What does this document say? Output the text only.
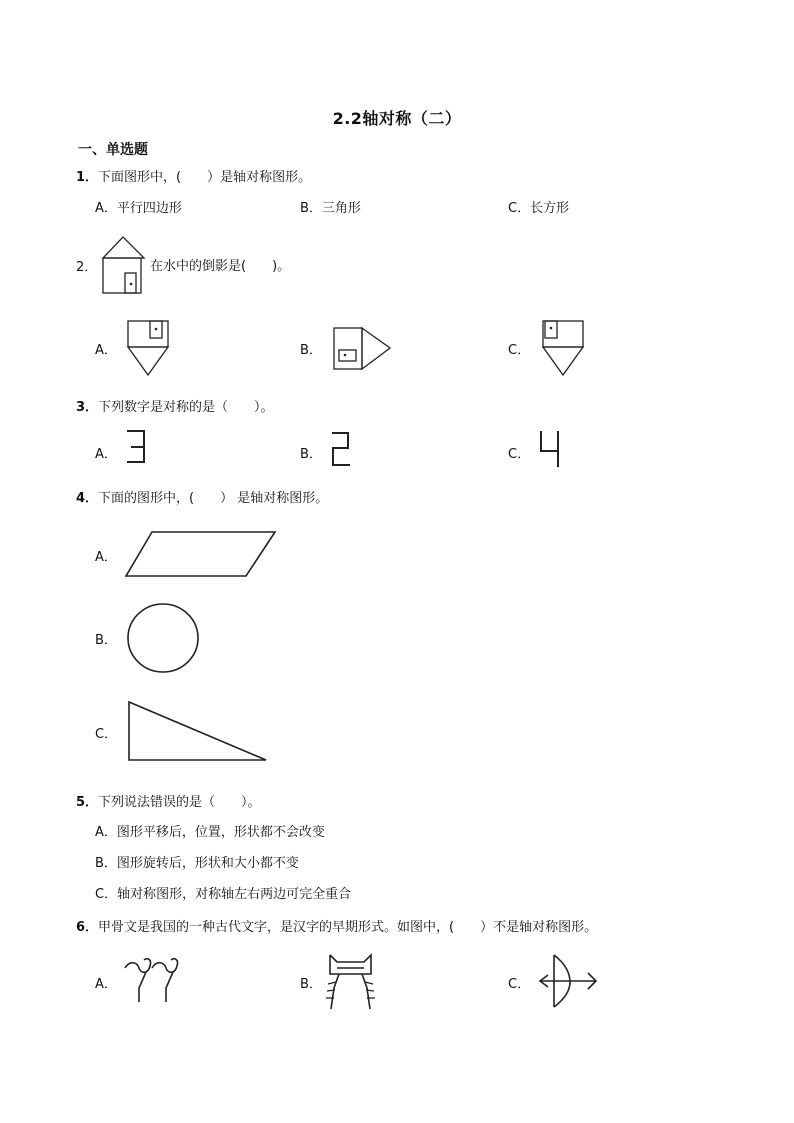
2.2轴对称（二）
一、单选题
1．下面图形中，(　　）是轴对称图形。
A．平行四边形	B．三角形	C．长方形
2．	在水中的倒影是(　　)。
A．	B．	C．
3．下列数字是对称的是（　　）。
A．	B．	C．
4．下面的图形中，(　　） 是轴对称图形。
A．
B．
C．
5．下列说法错误的是（　　）。
A．图形平移后，位置，形状都不会改变
B．图形旋转后，形状和大小都不变
C．轴对称图形，对称轴左右两边可完全重合
6．甲骨文是我国的一种古代文字，是汉字的早期形式。如图中，(　　）不是轴对称图形。
A．	B．	C．
